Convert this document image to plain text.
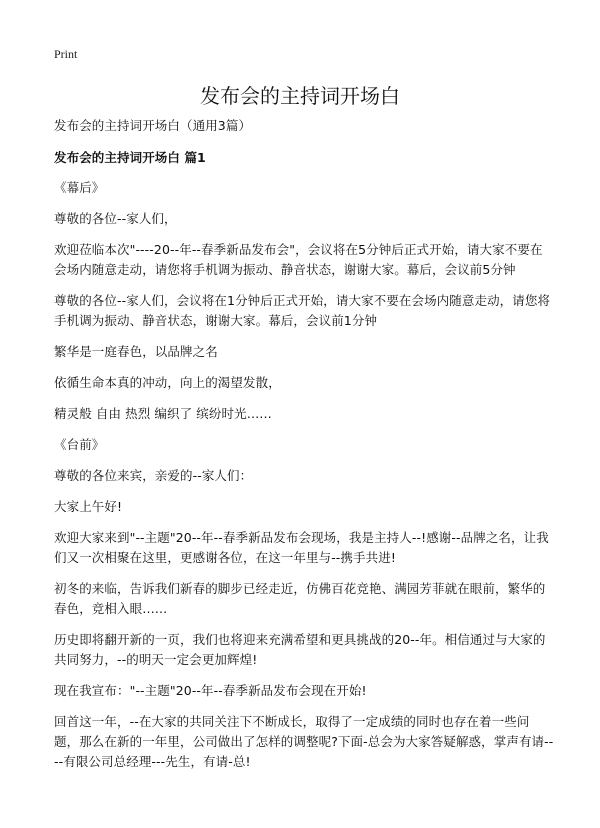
Print
发布会的主持词开场白

发布会的主持词开场白（通用3篇）

发布会的主持词开场白 篇1

《幕后》

尊敬的各位--家人们，

欢迎莅临本次"----20--年--春季新品发布会"，会议将在5分钟后正式开始，请大家不要在会场内随意走动，请您将手机调为振动、静音状态，谢谢大家。幕后，会议前5分钟

尊敬的各位--家人们，会议将在1分钟后正式开始，请大家不要在会场内随意走动，请您将手机调为振动、静音状态，谢谢大家。幕后，会议前1分钟

繁华是一庭春色，以品牌之名

依循生命本真的冲动，向上的渴望发散，

精灵般 自由 热烈 编织了 缤纷时光……

《台前》

尊敬的各位来宾，亲爱的--家人们：

大家上午好!

欢迎大家来到"--主题"20--年--春季新品发布会现场，我是主持人--!感谢--品牌之名，让我们又一次相聚在这里，更感谢各位，在这一年里与--携手共进!

初冬的来临，告诉我们新春的脚步已经走近，仿佛百花竞艳、满园芳菲就在眼前，繁华的春色，竞相入眼……

历史即将翻开新的一页，我们也将迎来充满希望和更具挑战的20--年。相信通过与大家的共同努力，--的明天一定会更加辉煌!

现在我宣布："--主题"20--年--春季新品发布会现在开始!

回首这一年，--在大家的共同关注下不断成长，取得了一定成绩的同时也存在着一些问题，那么在新的一年里，公司做出了怎样的调整呢?下面-总会为大家答疑解惑，掌声有请----有限公司总经理---先生，有请-总!
